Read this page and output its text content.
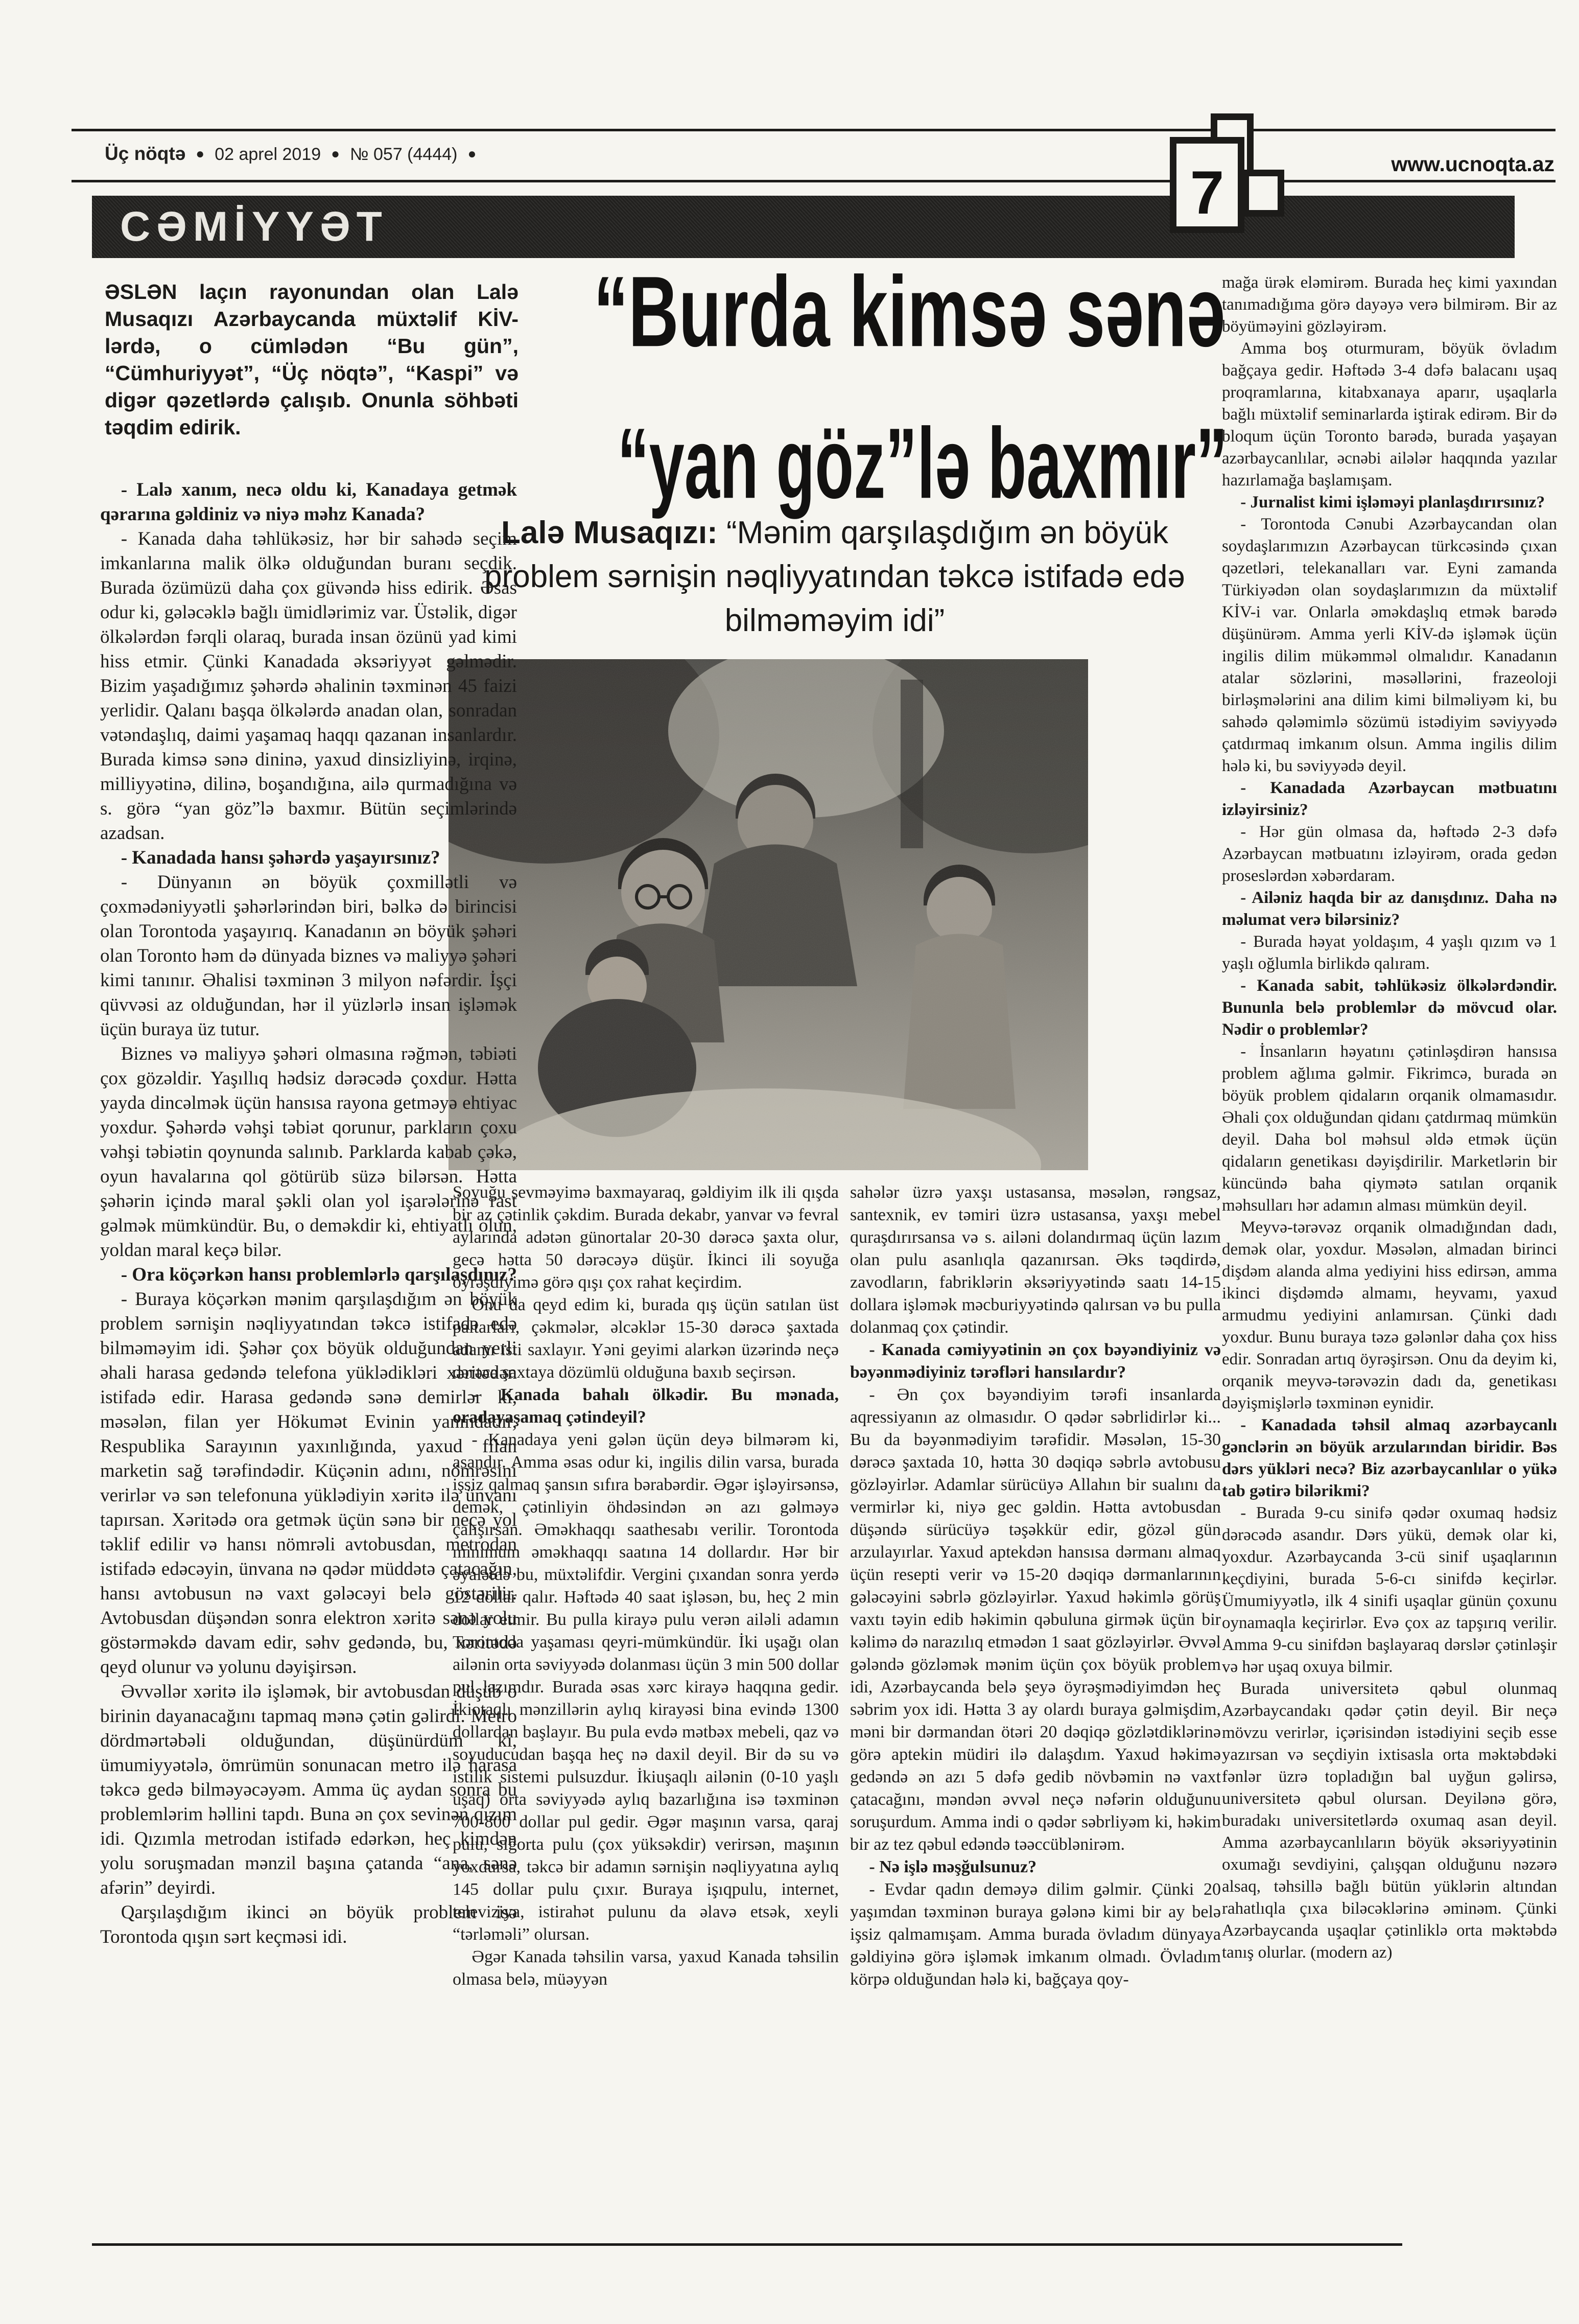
Üç nöqtə ● 02 aprel 2019 ● № 057 (4444) ●	www.ucnoqta.az
7
CƏMİYYƏT
ƏSLƏN laçın rayonundan olan Lalə Musaqızı Azərbaycanda müxtəlif KİV-lərdə, o cümlədən “Bu gün”, “Cümhuriyyət”, “Üç nöqtə”, “Kaspi” və digər qəzetlərdə çalışıb. Onunla söhbəti təqdim edirik.
“Burda kimsə sənə
“yan göz”lə baxmır”
Lalə Musaqızı: “Mənim qarşılaşdığım ən böyük problem sərnişin nəqliyyatından təkcə istifadə edə bilməməyim idi”

- Lalə xanım, necə oldu ki, Kanadaya getmək qərarına gəldiniz və niyə məhz Kanada?

- Kanada daha təhlükəsiz, hər bir sahədə seçim imkanlarına malik ölkə olduğundan buranı seçdik. Burada özümüzü daha çox güvəndə hiss edirik. Əsas odur ki, gələcəklə bağlı ümidlərimiz var. Üstəlik, digər ölkələrdən fərqli olaraq, burada insan özünü yad kimi hiss etmir. Çünki Kanadada əksəriyyət gəlmədir. Bizim yaşadığımız şəhərdə əhalinin təxminən 45 faizi yerlidir. Qalanı başqa ölkələrdə anadan olan, sonradan vətəndaşlıq, daimi yaşamaq haqqı qazanan insanlardır. Burada kimsə sənə dininə, yaxud dinsizliyinə, irqinə, milliyyətinə, dilinə, boşandığına, ailə qurmadığına və s. görə “yan göz”lə baxmır. Bütün seçimlərində azadsan.

- Kanadada hansı şəhərdə yaşayırsınız?

- Dünyanın ən böyük çoxmillətli və çoxmədəniyyətli şəhərlərindən biri, bəlkə də birincisi olan Torontoda yaşayırıq. Kanadanın ən böyük şəhəri olan Toronto həm də dünyada biznes və maliyyə şəhəri kimi tanınır. Əhalisi təxminən 3 milyon nəfərdir. İşçi qüvvəsi az olduğundan, hər il yüzlərlə insan işləmək üçün buraya üz tutur.

Biznes və maliyyə şəhəri olmasına rəğmən, təbiəti çox gözəldir. Yaşıllıq hədsiz dərəcədə çoxdur. Hətta yayda dincəlmək üçün hansısa rayona getməyə ehtiyac yoxdur. Şəhərdə vəhşi təbiət qorunur, parkların çoxu vəhşi təbiətin qoynunda salınıb. Parklarda kabab çəkə, oyun havalarına qol götürüb süzə bilərsən. Hətta şəhərin içində maral şəkli olan yol işarələrinə rast gəlmək mümkündür. Bu, o deməkdir ki, ehtiyatlı olun, yoldan maral keçə bilər.

- Ora köçərkən hansı problemlərlə qarşılaşdınız?

- Buraya köçərkən mənim qarşılaşdığım ən böyük problem sərnişin nəqliyyatından təkcə istifadə edə bilməməyim idi. Şəhər çox böyük olduğundan yerli əhali harasa gedəndə telefona yüklədikləri xəritədən istifadə edir. Harasa gedəndə sənə demirlər ki, məsələn, filan yer Hökumət Evinin yanındadır, Respublika Sarayının yaxınlığında, yaxud filan marketin sağ tərəfindədir. Küçənin adını, nömrəsini verirlər və sən telefonuna yüklədiyin xəritə ilə ünvanı tapırsan. Xəritədə ora getmək üçün sənə bir neçə yol təklif edilir və hansı nömrəli avtobusdan, metrodan istifadə edəcəyin, ünvana nə qədər müddətə çatacağın, hansı avtobusun nə vaxt gələcəyi belə göstərilir. Avtobusdan düşəndən sonra elektron xəritə sənə yolu göstərməkdə davam edir, səhv gedəndə, bu, xəritədə qeyd olunur və yolunu dəyişirsən.

Əvvəllər xəritə ilə işləmək, bir avtobusdan düşüb o birinin dayanacağını tapmaq mənə çətin gəlirdi. Metro dördmərtəbəli olduğundan, düşünürdüm ki, ümumiyyətələ, ömrümün sonunacan metro ilə harasa təkcə gedə bilməyəcəyəm. Amma üç aydan sonra bu problemlərim həllini tapdı. Buna ən çox sevinən qızım idi. Qızımla metrodan istifadə edərkən, heç kimdən yolu soruşmadan mənzil başına çatanda “ana, sənə afərin” deyirdi.

Qarşılaşdığım ikinci ən böyük problem isə Torontoda qışın sərt keçməsi idi.

Soyuğu sevməyimə baxmayaraq, gəldiyim ilk ili qışda bir az çətinlik çəkdim. Burada dekabr, yanvar və fevral aylarında adətən günortalar 20-30 dərəcə şaxta olur, gecə hətta 50 dərəcəyə düşür. İkinci ili soyuğa öyrəşdiyimə görə qışı çox rahat keçirdim.

Onu da qeyd edim ki, burada qış üçün satılan üst paltarları, çəkmələr, əlcəklər 15-30 dərəcə şaxtada adamı isti saxlayır. Yəni geyimi alarkən üzərində neçə dərəcə şaxtaya dözümlü olduğuna baxıb seçirsən.

- Kanada bahalı ölkədir. Bu mənada, oradayaşamaq çətindeyil?

- Kanadaya yeni gələn üçün deyə bilmərəm ki, asandır. Amma əsas odur ki, ingilis dilin varsa, burada işsiz qalmaq şansın sıfıra bərabərdir. Əgər işləyirsənsə, demək, çətinliyin öhdəsindən ən azı gəlməyə çalışırsan. Əməkhaqqı saathesabı verilir. Torontoda minimum əməkhaqqı saatına 14 dollardır. Hər bir əyalətdə bu, müxtəlifdir. Vergini çıxandan sonra yerdə 12 dollar qalır. Həftədə 40 saat işləsən, bu, heç 2 min dollar etmir. Bu pulla kirayə pulu verən ailəli adamın Torontoda yaşaması qeyri-mümkündür. İki uşağı olan ailənin orta səviyyədə dolanması üçün 3 min 500 dollar pul lazımdır. Burada əsas xərc kirayə haqqına gedir. İkiotaqlı mənzillərin aylıq kirayəsi bina evində 1300 dollardan başlayır. Bu pula evdə mətbəx mebeli, qaz və soyuducudan başqa heç nə daxil deyil. Bir də su və istilik sistemi pulsuzdur. İkiuşaqlı ailənin (0-10 yaşlı uşaq) orta səviyyədə aylıq bazarlığına isə təxminən 700-800 dollar pul gedir. Əgər maşının varsa, qaraj pulu, sığorta pulu (çox yüksəkdir) verirsən, maşının yoxdursa, təkcə bir adamın sərnişin nəqliyyatına aylıq 145 dollar pulu çıxır. Buraya işıqpulu, internet, televiziya, istirahət pulunu da əlavə etsək, xeyli “tərləməli” olursan.

Əgər Kanada təhsilin varsa, yaxud Kanada təhsilin olmasa belə, müəyyən

sahələr üzrə yaxşı ustasansa, məsələn, rəngsaz, santexnik, ev təmiri üzrə ustasansa, yaxşı mebel quraşdırırsansa və s. ailəni dolandırmaq üçün lazım olan pulu asanlıqla qazanırsan. Əks təqdirdə, zavodların, fabriklərin əksəriyyətində saatı 14-15 dollara işləmək məcburiyyətində qalırsan və bu pulla dolanmaq çox çətindir.

- Kanada cəmiyyətinin ən çox bəyəndiyiniz və bəyənmədiyiniz tərəfləri hansılardır?

- Ən çox bəyəndiyim tərəfi insanlarda aqressiyanın az olmasıdır. O qədər səbrlidirlər ki... Bu da bəyənmədiyim tərəfidir. Məsələn, 15-30 dərəcə şaxtada 10, hətta 30 dəqiqə səbrlə avtobusu gözləyirlər. Adamlar sürücüyə Allahın bir sualını da vermirlər ki, niyə gec gəldin. Hətta avtobusdan düşəndə sürücüyə təşəkkür edir, gözəl gün arzulayırlar. Yaxud aptekdən hansısa dərmanı almaq üçün resepti verir və 15-20 dəqiqə dərmanlarının gələcəyini səbrlə gözləyirlər. Yaxud həkimlə görüş vaxtı təyin edib həkimin qəbuluna girmək üçün bir kəlimə də narazılıq etmədən 1 saat gözləyirlər. Əvvəl gələndə gözləmək mənim üçün çox böyük problem idi, Azərbaycanda belə şeyə öyrəşmədiyimdən heç səbrim yox idi. Hətta 3 ay olardı buraya gəlmişdim, məni bir dərmandan ötəri 20 dəqiqə gözlətdiklərinə görə aptekin müdiri ilə dalaşdım. Yaxud həkimə gedəndə ən azı 5 dəfə gedib növbəmin nə vaxt çatacağını, məndən əvvəl neçə nəfərin olduğunu soruşurdum. Amma indi o qədər səbrliyəm ki, həkim bir az tez qəbul edəndə təəccüblənirəm.

- Nə işlə məşğulsunuz?

- Evdar qadın deməyə dilim gəlmir. Çünki 20 yaşımdan təxminən buraya gələnə kimi bir ay belə işsiz qalmamışam. Amma burada övladım dünyaya gəldiyinə görə işləmək imkanım olmadı. Övladım körpə olduğundan hələ ki, bağçaya qoy-

mağa ürək eləmirəm. Burada heç kimi yaxından tanımadığıma görə dayəyə verə bilmirəm. Bir az böyüməyini gözləyirəm.

Amma boş oturmuram, böyük övladım bağçaya gedir. Həftədə 3-4 dəfə balacanı uşaq proqramlarına, kitabxanaya aparır, uşaqlarla bağlı müxtəlif seminarlarda iştirak edirəm. Bir də bloqum üçün Toronto barədə, burada yaşayan azərbaycanlılar, əcnəbi ailələr haqqında yazılar hazırlamağa başlamışam.

- Jurnalist kimi işləməyi planlaşdırırsınız?

- Torontoda Cənubi Azərbaycandan olan soydaşlarımızın Azərbaycan türkcəsində çıxan qəzetləri, telekanalları var. Eyni zamanda Türkiyədən olan soydaşlarımızın da müxtəlif KİV-i var. Onlarla əməkdaşlıq etmək barədə düşünürəm. Amma yerli KİV-də işləmək üçün ingilis dilim mükəmməl olmalıdır. Kanadanın atalar sözlərini, məsəllərini, frazeoloji birləşmələrini ana dilim kimi bilməliyəm ki, bu sahədə qələmimlə sözümü istədiyim səviyyədə çatdırmaq imkanım olsun. Amma ingilis dilim hələ ki, bu səviyyədə deyil.

- Kanadada Azərbaycan mətbuatını izləyirsiniz?

- Hər gün olmasa da, həftədə 2-3 dəfə Azərbaycan mətbuatını izləyirəm, orada gedən proseslərdən xəbərdaram.

- Ailəniz haqda bir az danışdınız. Daha nə məlumat verə bilərsiniz?

- Burada həyat yoldaşım, 4 yaşlı qızım və 1 yaşlı oğlumla birlikdə qalıram.

- Kanada sabit, təhlükəsiz ölkələrdəndir. Bununla belə problemlər də mövcud olar. Nədir o problemlər?

- İnsanların həyatını çətinləşdirən hansısa problem ağlıma gəlmir. Fikrimcə, burada ən böyük problem qidaların orqanik olmamasıdır. Əhali çox olduğundan qidanı çatdırmaq mümkün deyil. Daha bol məhsul əldə etmək üçün qidaların genetikası dəyişdirilir. Marketlərin bir küncündə baha qiymətə satılan orqanik məhsulları hər adamın alması mümkün deyil.

Meyvə-tərəvəz orqanik olmadığından dadı, demək olar, yoxdur. Məsələn, almadan birinci dişdəm alanda alma yediyini hiss edirsən, amma ikinci dişdəmdə almamı, heyvamı, yaxud armudmu yediyini anlamırsan. Çünki dadı yoxdur. Bunu buraya təzə gələnlər daha çox hiss edir. Sonradan artıq öyrəşirsən. Onu da deyim ki, orqanik meyvə-tərəvəzin dadı da, genetikası dəyişmişlərlə təxminən eynidir.

- Kanadada təhsil almaq azərbaycanlı gənclərin ən böyük arzularından biridir. Bəs dərs yükləri necə? Biz azərbaycanlılar o yükə tab gətirə bilərikmi?

- Burada 9-cu sinifə qədər oxumaq hədsiz dərəcədə asandır. Dərs yükü, demək olar ki, yoxdur. Azərbaycanda 3-cü sinif uşaqlarının keçdiyini, burada 5-6-cı sinifdə keçirlər. Ümumiyyətlə, ilk 4 sinifi uşaqlar günün çoxunu oynamaqla keçirirlər. Evə çox az tapşırıq verilir. Amma 9-cu sinifdən başlayaraq dərslər çətinləşir və hər uşaq oxuya bilmir.

Burada universitetə qəbul olunmaq Azərbaycandakı qədər çətin deyil. Bir neçə mövzu verirlər, içərisindən istədiyini seçib esse yazırsan və seçdiyin ixtisasla orta məktəbdəki fənlər üzrə topladığın bal uyğun gəlirsə, universitetə qəbul olursan. Deyilənə görə, buradakı universitetlərdə oxumaq asan deyil. Amma azərbaycanlıların böyük əksəriyyətinin oxumağı sevdiyini, çalışqan olduğunu nəzərə alsaq, təhsillə bağlı bütün yüklərin altından rahatlıqla çıxa biləcəklərinə əminəm. Çünki Azərbaycanda uşaqlar çətinliklə orta məktəbdə tanış olurlar. (modern az)
